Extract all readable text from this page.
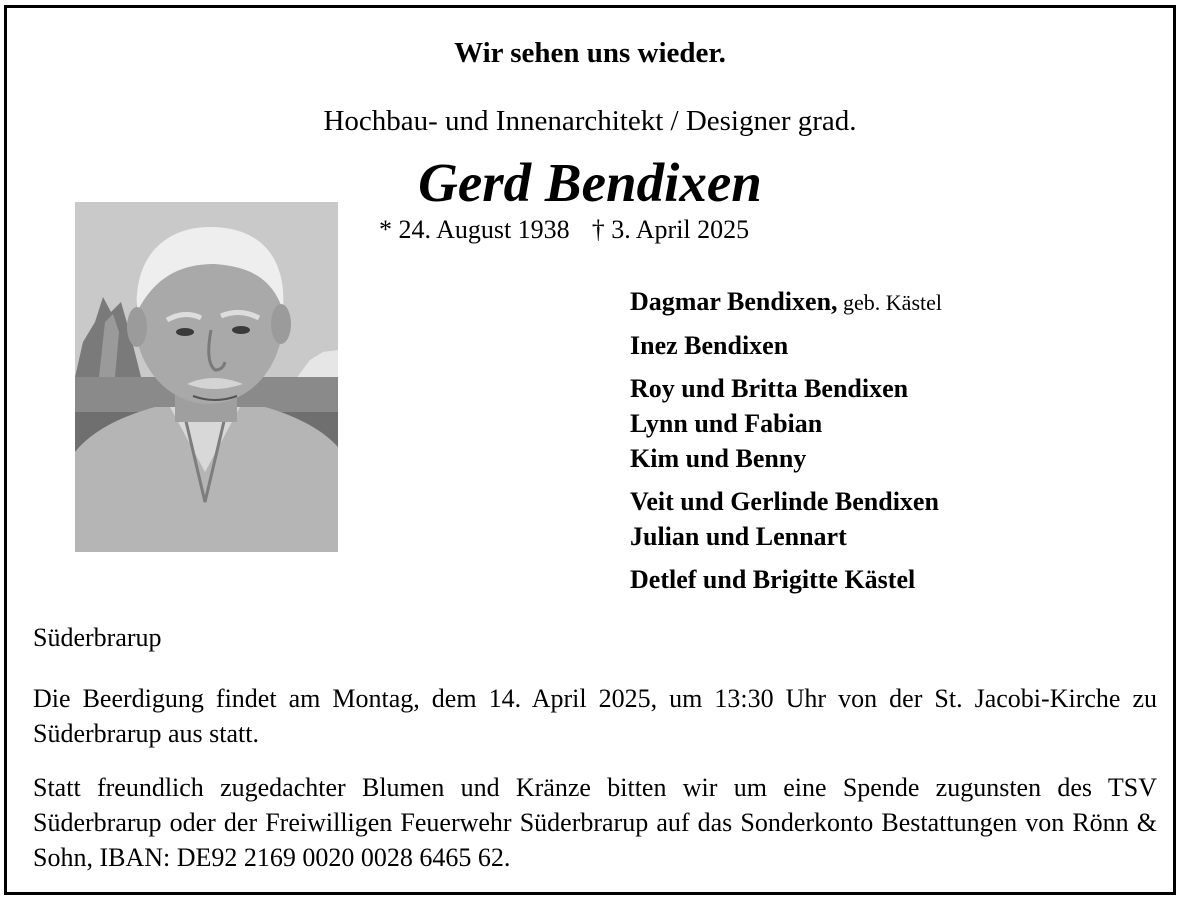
Wir sehen uns wieder.
Hochbau- und Innenarchitekt / Designer grad.
Gerd Bendixen
* 24. August 1938 † 3. April 2025
Dagmar Bendixen, geb. Kästel
Inez Bendixen
Roy und Britta Bendixen
Lynn und Fabian
Kim und Benny
Veit und Gerlinde Bendixen
Julian und Lennart
Detlef und Brigitte Kästel
Süderbrarup
Die Beerdigung findet am Montag, dem 14. April 2025, um 13:30 Uhr von der St. Jacobi-Kirche zu Süderbrarup aus statt.
Statt freundlich zugedachter Blumen und Kränze bitten wir um eine Spende zugunsten des TSV Süderbrarup oder der Freiwilligen Feuerwehr Süderbrarup auf das Sonderkonto Bestattungen von Rönn & Sohn, IBAN: DE92 2169 0020 0028 6465 62.
